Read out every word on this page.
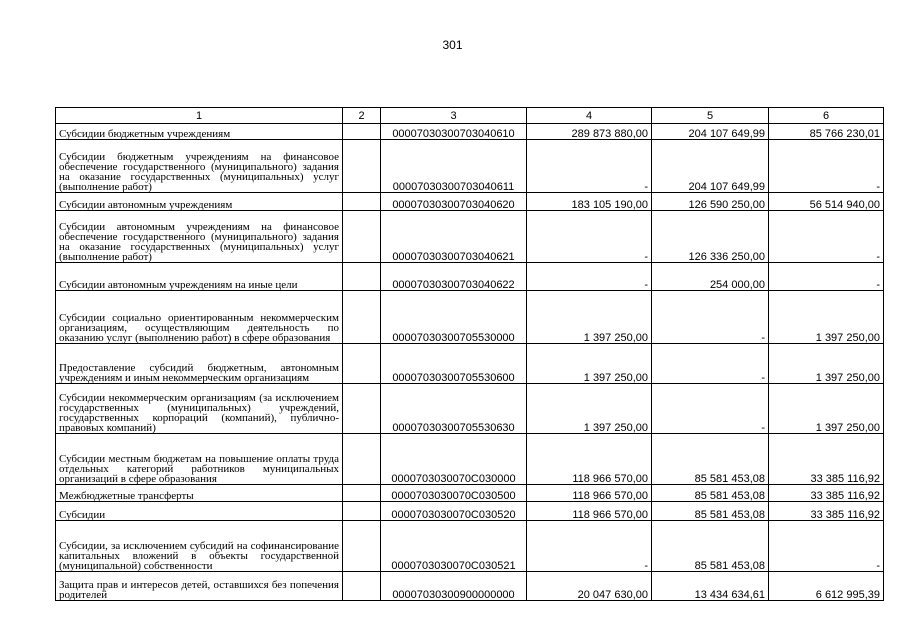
301
1	2	3	4	5	6
Субсидии бюджетным учреждениям		00007030300703040610	289 873 880,00	204 107 649,99	85 766 230,01
Субсидии бюджетным учреждениям на финансовое обеспечение государственного (муниципального) задания на оказание государственных (муниципальных) услуг (выполнение работ)		00007030300703040611	-	204 107 649,99	-
Субсидии автономным учреждениям		00007030300703040620	183 105 190,00	126 590 250,00	56 514 940,00
Субсидии автономным учреждениям на финансовое обеспечение государственного (муниципального) задания на оказание государственных (муниципальных) услуг (выполнение работ)		00007030300703040621	-	126 336 250,00	-
Субсидии автономным учреждениям на иные цели		00007030300703040622	-	254 000,00	-
Субсидии социально ориентированным некоммерческим организациям, осуществляющим деятельность по оказанию услуг (выполнению работ) в сфере образования		00007030300705530000	1 397 250,00	-	1 397 250,00
Предоставление субсидий бюджетным, автономным учреждениям и иным некоммерческим организациям		00007030300705530600	1 397 250,00	-	1 397 250,00
Субсидии некоммерческим организациям (за исключением государственных (муниципальных) учреждений, государственных корпораций (компаний), публично-правовых компаний)		00007030300705530630	1 397 250,00	-	1 397 250,00
Субсидии местным бюджетам на повышение оплаты труда отдельных категорий работников муниципальных организаций в сфере образования		0000703030070С030000	118 966 570,00	85 581 453,08	33 385 116,92
Межбюджетные трансферты		0000703030070С030500	118 966 570,00	85 581 453,08	33 385 116,92
Субсидии		0000703030070С030520	118 966 570,00	85 581 453,08	33 385 116,92
Субсидии, за исключением субсидий на софинансирование капитальных вложений в объекты государственной (муниципальной) собственности		0000703030070С030521	-	85 581 453,08	-
Защита прав и интересов детей, оставшихся без попечения родителей		00007030300900000000	20 047 630,00	13 434 634,61	6 612 995,39
